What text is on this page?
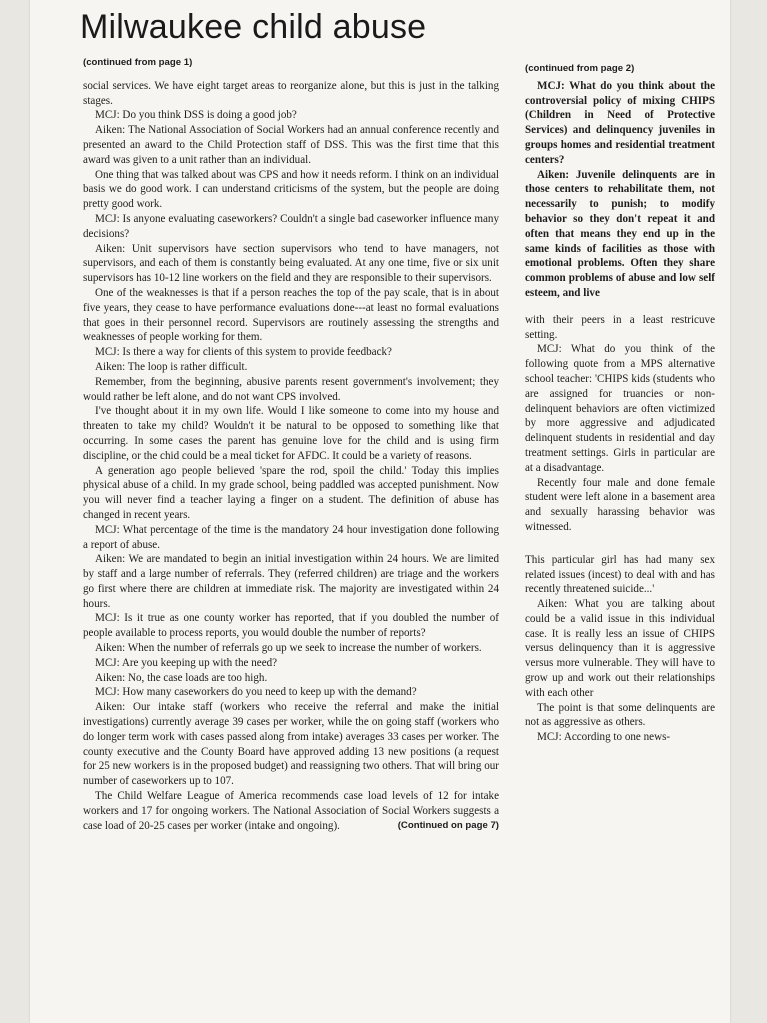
Milwaukee child abuse
(continued from page 1)

social services. We have eight target areas to reorganize alone, but this is just in the talking stages.

MCJ: Do you think DSS is doing a good job?

Aiken: The National Association of Social Workers had an annual conference recently and presented an award to the Child Protection staff of DSS. This was the first time that this award was given to a unit rather than an individual.

One thing that was talked about was CPS and how it needs reform. I think on an individual basis we do good work. I can understand criticisms of the system, but the people are doing pretty good work.

MCJ: Is anyone evaluating caseworkers? Couldn't a single bad caseworker influence many decisions?

Aiken: Unit supervisors have section supervisors who tend to have managers, not supervisors, and each of them is constantly being evaluated. At any one time, five or six unit supervisors has 10-12 line workers on the field and they are responsible to their supervisors.

One of the weaknesses is that if a person reaches the top of the pay scale, that is in about five years, they cease to have performance evaluations done---at least no formal evaluations that goes in their personnel record. Supervisors are routinely assessing the strengths and weaknesses of people working for them.

MCJ: Is there a way for clients of this system to provide feedback?

Aiken: The loop is rather difficult.

Remember, from the beginning, abusive parents resent government's involvement; they would rather be left alone, and do not want CPS involved.

I've thought about it in my own life. Would I like someone to come into my house and threaten to take my child? Wouldn't it be natural to be opposed to something like that occurring. In some cases the parent has genuine love for the child and is using firm discipline, or the chid could be a meal ticket for AFDC. It could be a variety of reasons.

A generation ago people believed 'spare the rod, spoil the child.' Today this implies physical abuse of a child. In my grade school, being paddled was accepted punishment. Now you will never find a teacher laying a finger on a student. The definition of abuse has changed in recent years.

MCJ: What percentage of the time is the mandatory 24 hour investigation done following a report of abuse.

Aiken: We are mandated to begin an initial investigation within 24 hours. We are limited by staff and a large number of referrals. They (referred children) are triage and the workers go first where there are children at immediate risk. The majority are investigated within 24 hours.

MCJ: Is it true as one county worker has reported, that if you doubled the number of people available to process reports, you would double the number of reports?

Aiken: When the number of referrals go up we seek to increase the number of workers.

MCJ: Are you keeping up with the need?

Aiken: No, the case loads are too high.

MCJ: How many caseworkers do you need to keep up with the demand?

Aiken: Our intake staff (workers who receive the referral and make the initial investigations) currently average 39 cases per worker, while the on going staff (workers who do longer term work with cases passed along from intake) averages 33 cases per worker. The county executive and the County Board have approved adding 13 new positions (a request for 25 new workers is in the proposed budget) and reassigning two others. That will bring our number of caseworkers up to 107.

The Child Welfare League of America recommends case load levels of 12 for intake workers and 17 for ongoing workers. The National Association of Social Workers suggests a case load of 20-25 cases per worker (intake and ongoing).	(Continued on page 7)

(continued from page 2)

MCJ: What do you think about the controversial policy of mixing CHIPS (Children in Need of Protective Services) and delinquency juveniles in groups homes and residential treatment centers?

Aiken: Juvenile delinquents are in those centers to rehabilitate them, not necessarily to punish; to modify behavior so they don't repeat it and often that means they end up in the same kinds of facilities as those with emotional problems. Often they share common problems of abuse and low self esteem, and live

with their peers in a least restricuve setting.

MCJ: What do you think of the following quote from a MPS alternative school teacher: 'CHIPS kids (students who are assigned for truancies or non-delinquent behaviors are often victimized by more aggressive and adjudicated delinquent students in residential and day treatment settings. Girls in particular are at a disadvantage.

Recently four male and done female student were left alone in a basement area and sexually harassing behavior was witnessed.

This particular girl has had many sex related issues (incest) to deal with and has recently threatened suicide...'

Aiken: What you are talking about could be a valid issue in this individual case. It is really less an issue of CHIPS versus delinquency than it is aggressive versus more vulnerable. They will have to grow up and work out their relationships with each other

The point is that some delinquents are not as aggressive as others.

MCJ: According to one news-
